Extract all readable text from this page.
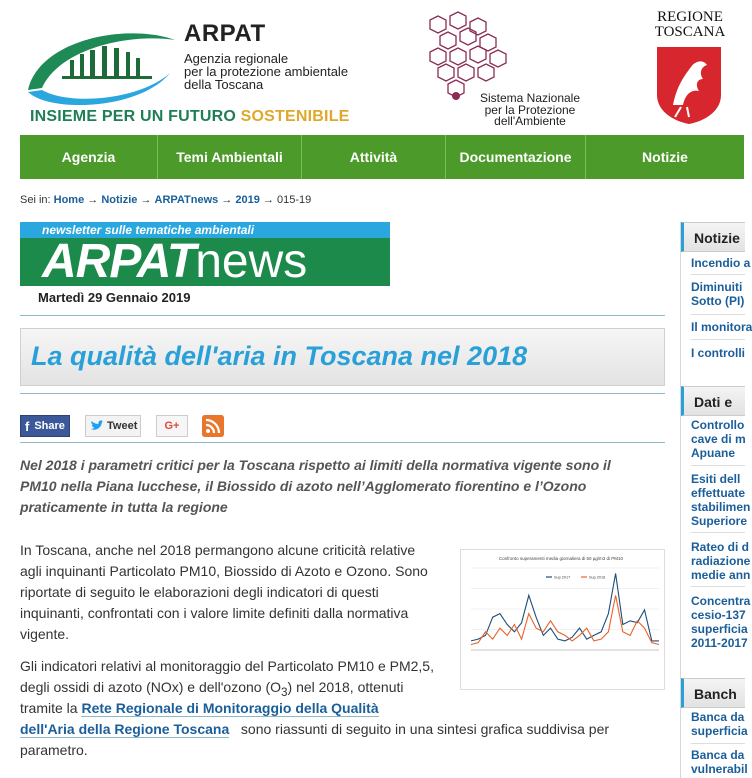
ARPAT
Agenzia regionale
per la protezione ambientale
della Toscana
INSIEME PER UN FUTURO SOSTENIBILE
Sistema Nazionale
per la Protezione
dell'Ambiente
REGIONE
TOSCANA
Agenzia	Temi Ambientali	Attività	Documentazione	Notizie
Sei in: Home → Notizie → ARPATnews → 2019 → 015-19
newsletter sulle tematiche ambientali
ARPATnews
Martedì 29 Gennaio 2019
La qualità dell'aria in Toscana nel 2018
f Share	Tweet	G+
Nel 2018 i parametri critici per la Toscana rispetto ai limiti della normativa vigente sono il
PM10 nella Piana lucchese, il Biossido di azoto nell’Agglomerato fiorentino e l’Ozono
praticamente in tutta la regione
In Toscana, anche nel 2018 permangono alcune criticità relative
agli inquinanti Particolato PM10, Biossido di Azoto e Ozono. Sono
riportate di seguito le elaborazioni degli indicatori di questi
inquinanti, confrontati con i valore limite definiti dalla normativa
vigente.
Confronto superamenti media giornaliera di 50 µg/m3 di PM10
Sup 2017	Sup 2018
Gli indicatori relativi al monitoraggio del Particolato PM10 e PM2,5,
degli ossidi di azoto (NOx) e dell'ozono $(O_3)$ nel 2018, ottenuti
tramite la Rete Regionale di Monitoraggio della Qualità
dell'Aria della Regione Toscana sono riassunti di seguito in una sintesi grafica suddivisa per
parametro.
Notizie
Incendio a
Diminuiti
Sotto (PI)
Il monitora
I controlli
Dati e
Controllo
cave di m
Apuane
Esiti dell
effettuate
stabilimen
Superiore
Rateo di d
radiazione
medie ann
Concentra
cesio-137
superficia
2011-2017
Banch
Banca da
superficia
Banca da
vulnerabil
